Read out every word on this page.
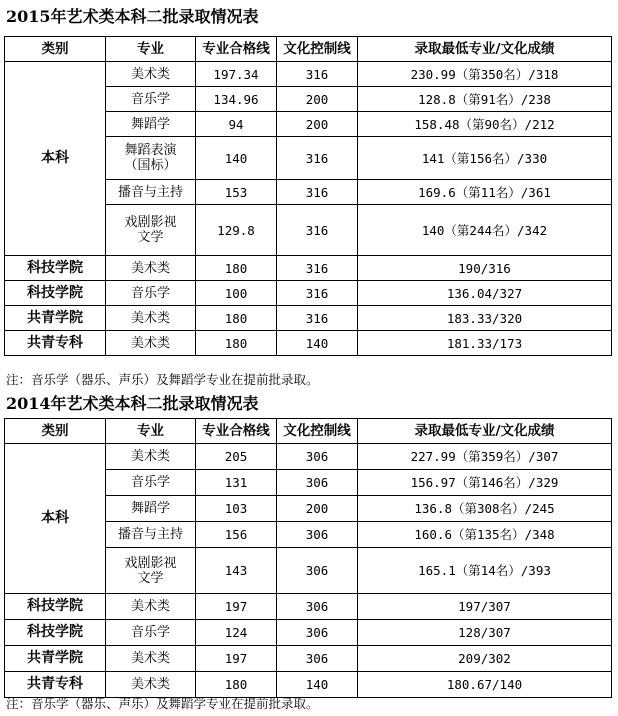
2015年艺术类本科二批录取情况表
类别	专业	专业合格线	文化控制线	录取最低专业/文化成绩
本科	美术类	197.34	316	230.99（第350名）/318
	音乐学	134.96	200	128.8（第91名）/238
	舞蹈学	94	200	158.48（第90名）/212
	舞蹈表演
（国标）	140	316	141（第156名）/330
	播音与主持	153	316	169.6（第11名）/361
	戏剧影视
文学	129.8	316	140（第244名）/342
科技学院	美术类	180	316	190/316
科技学院	音乐学	100	316	136.04/327
共青学院	美术类	180	316	183.33/320
共青专科	美术类	180	140	181.33/173
注：音乐学（器乐、声乐）及舞蹈学专业在提前批录取。
2014年艺术类本科二批录取情况表
类别	专业	专业合格线	文化控制线	录取最低专业/文化成绩
本科	美术类	205	306	227.99（第359名）/307
	音乐学	131	306	156.97（第146名）/329
	舞蹈学	103	200	136.8（第308名）/245
	播音与主持	156	306	160.6（第135名）/348
	戏剧影视
文学	143	306	165.1（第14名）/393
科技学院	美术类	197	306	197/307
科技学院	音乐学	124	306	128/307
共青学院	美术类	197	306	209/302
共青专科	美术类	180	140	180.67/140
注：音乐学（器乐、声乐）及舞蹈学专业在提前批录取。
